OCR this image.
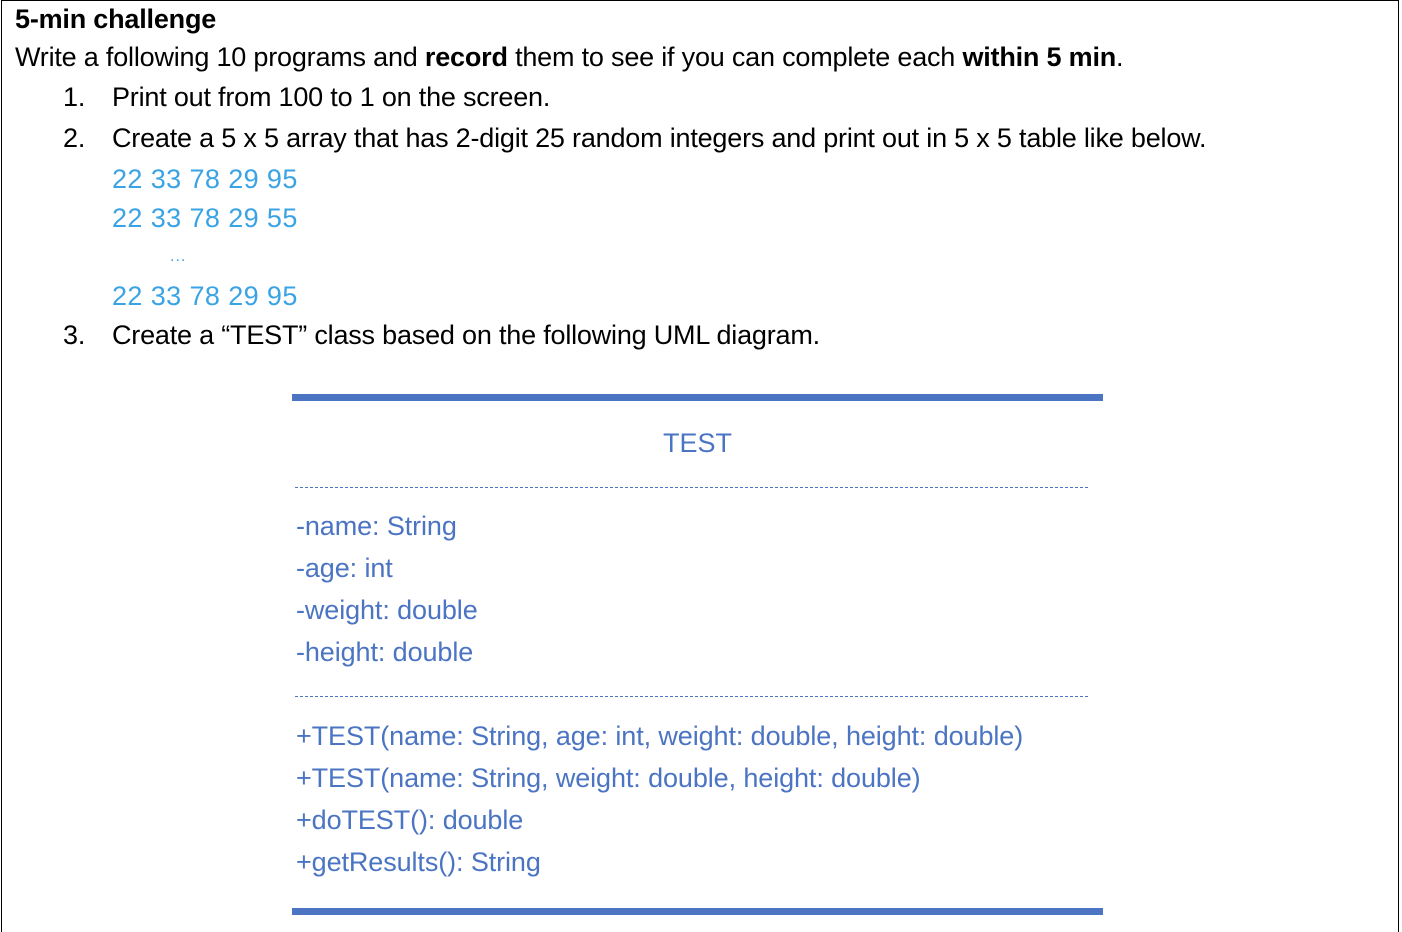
5-min challenge
Write a following 10 programs and record them to see if you can complete each within 5 min.
1. Print out from 100 to 1 on the screen.
2. Create a 5 x 5 array that has 2-digit 25 random integers and print out in 5 x 5 table like below.
22 33 78 29 95
22 33 78 29 55
...
22 33 78 29 95
3. Create a “TEST” class based on the following UML diagram.
TEST
-name: String
-age: int
-weight: double
-height: double
+TEST(name: String, age: int, weight: double, height: double)
+TEST(name: String, weight: double, height: double)
+doTEST(): double
+getResults(): String
